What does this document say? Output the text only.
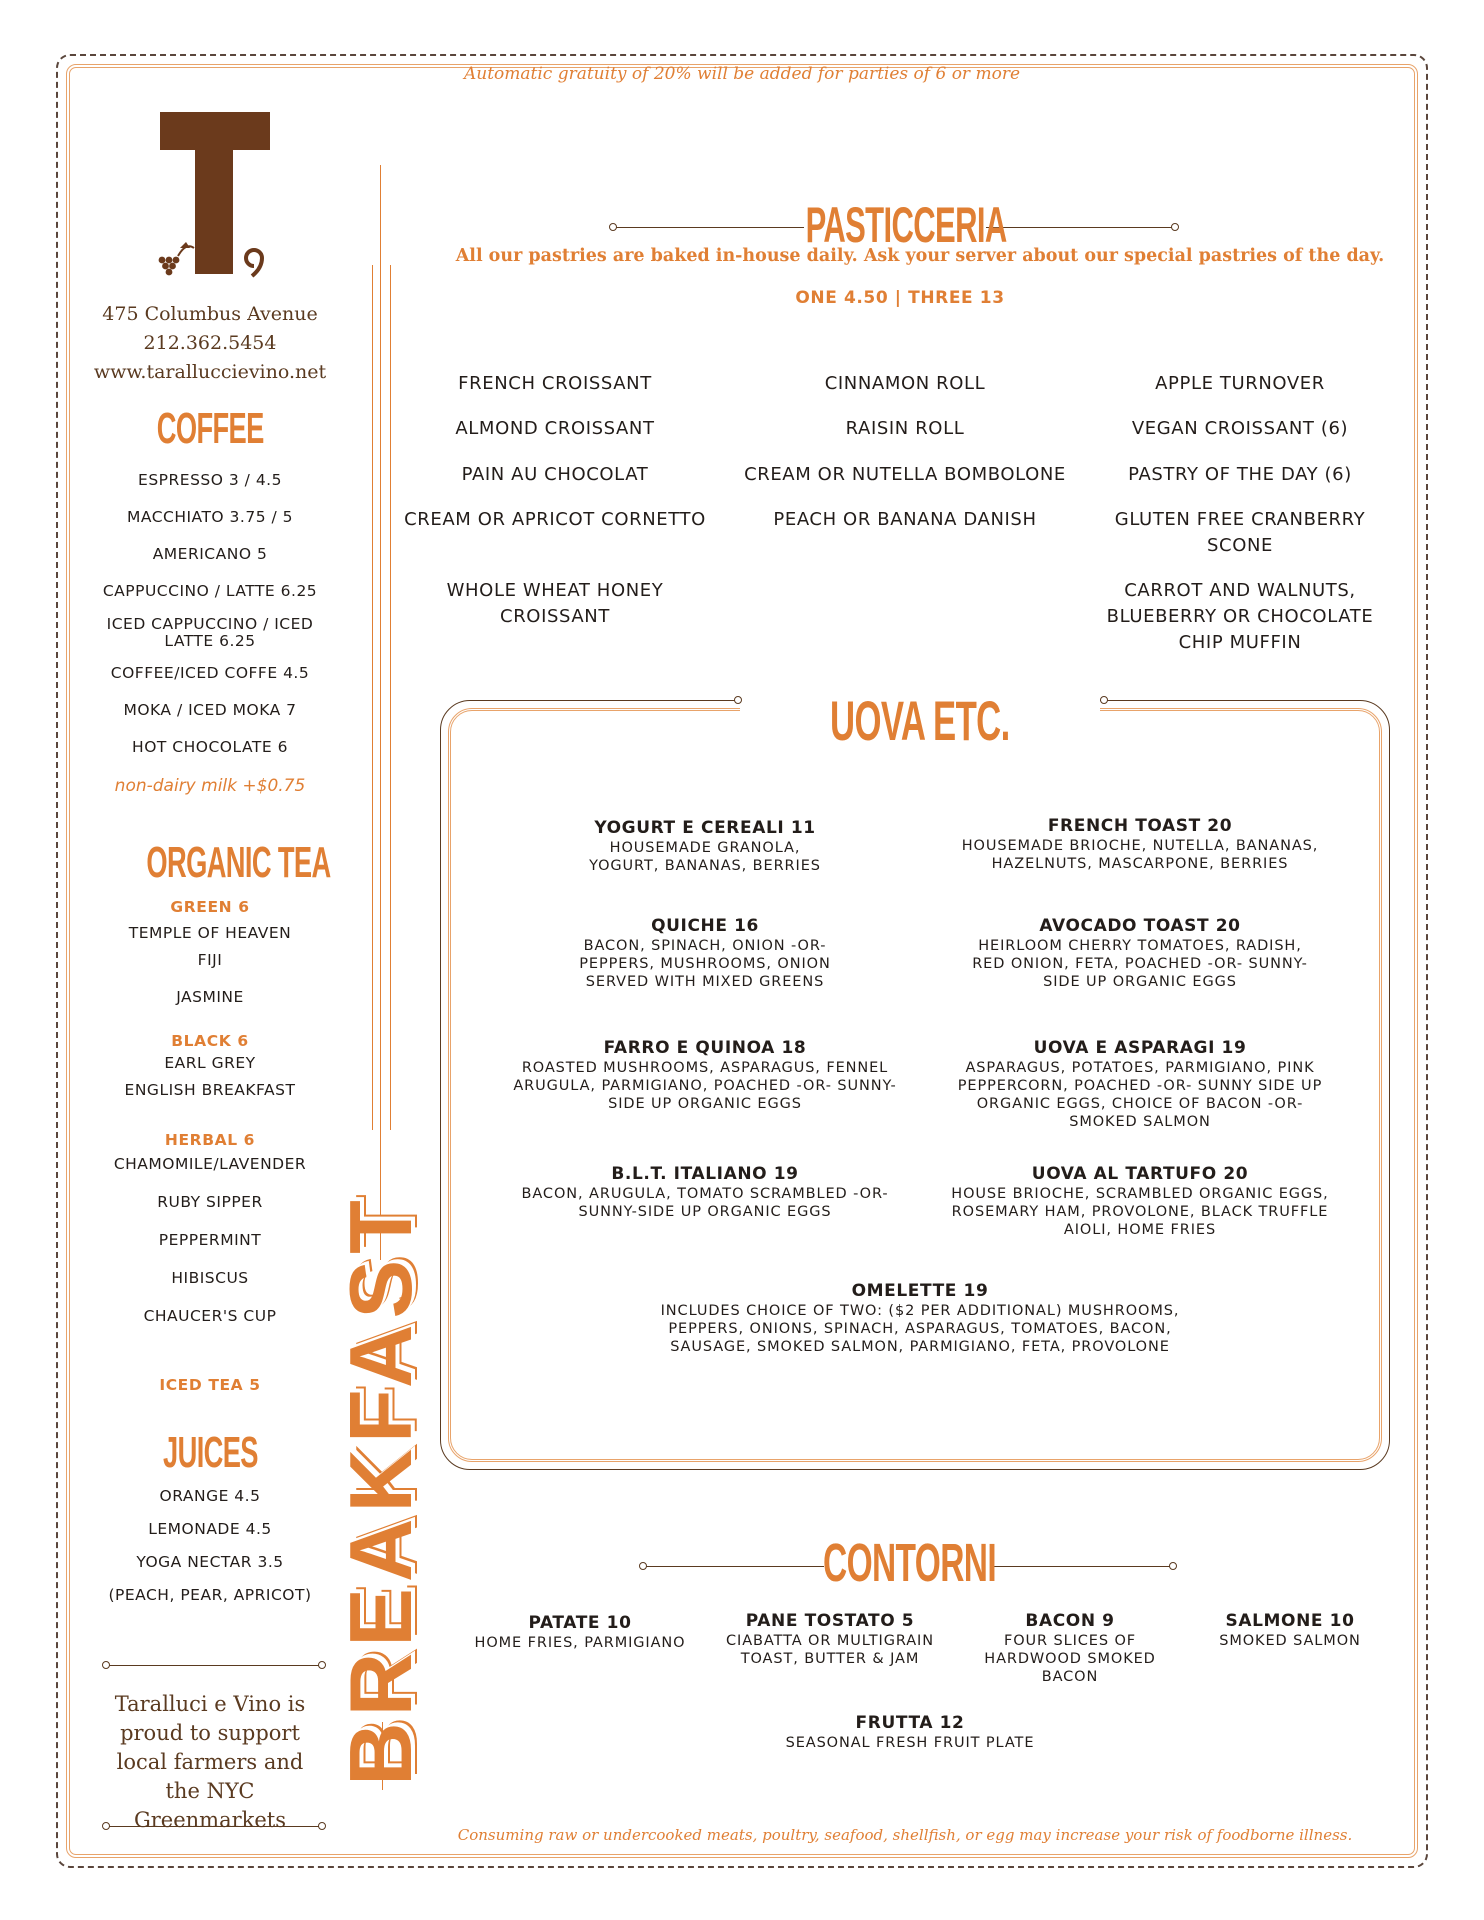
Automatic gratuity of 20% will be added for parties of 6 or more
475 Columbus Avenue
212.362.5454
www.taralluccievino.net
COFFEE
ESPRESSO 3 / 4.5
MACCHIATO 3.75 / 5
AMERICANO 5
CAPPUCCINO / LATTE 6.25
ICED CAPPUCCINO / ICED LATTE 6.25
COFFEE/ICED COFFE 4.5
MOKA / ICED MOKA 7
HOT CHOCOLATE 6
non-dairy milk +$0.75
ORGANIC TEA
GREEN 6
TEMPLE OF HEAVEN
FIJI
JASMINE
BLACK 6
EARL GREY
ENGLISH BREAKFAST
HERBAL 6
CHAMOMILE/LAVENDER
RUBY SIPPER
PEPPERMINT
HIBISCUS
CHAUCER'S CUP
ICED TEA 5
JUICES
ORANGE 4.5
LEMONADE 4.5
YOGA NECTAR 3.5
(PEACH, PEAR, APRICOT)
Taralluci e Vino is proud to support local farmers and the NYC Greenmarkets
BREAKFAST
PASTICCERIA
All our pastries are baked in-house daily. Ask your server about our special pastries of the day.
ONE 4.50 | THREE 13
FRENCH CROISSANT
ALMOND CROISSANT
PAIN AU CHOCOLAT
CREAM OR APRICOT CORNETTO
WHOLE WHEAT HONEY CROISSANT
CINNAMON ROLL
RAISIN ROLL
CREAM OR NUTELLA BOMBOLONE
PEACH OR BANANA DANISH
APPLE TURNOVER
VEGAN CROISSANT (6)
PASTRY OF THE DAY (6)
GLUTEN FREE CRANBERRY SCONE
CARROT AND WALNUTS, BLUEBERRY OR CHOCOLATE CHIP MUFFIN
UOVA ETC.
YOGURT E CEREALI 11
HOUSEMADE GRANOLA, YOGURT, BANANAS, BERRIES
FRENCH TOAST 20
HOUSEMADE BRIOCHE, NUTELLA, BANANAS, HAZELNUTS, MASCARPONE, BERRIES
QUICHE 16
BACON, SPINACH, ONION -OR- PEPPERS, MUSHROOMS, ONION SERVED WITH MIXED GREENS
AVOCADO TOAST 20
HEIRLOOM CHERRY TOMATOES, RADISH, RED ONION, FETA, POACHED -OR- SUNNY-SIDE UP ORGANIC EGGS
FARRO E QUINOA 18
ROASTED MUSHROOMS, ASPARAGUS, FENNEL ARUGULA, PARMIGIANO, POACHED -OR- SUNNY-SIDE UP ORGANIC EGGS
UOVA E ASPARAGI 19
ASPARAGUS, POTATOES, PARMIGIANO, PINK PEPPERCORN, POACHED -OR- SUNNY SIDE UP ORGANIC EGGS, CHOICE OF BACON -OR- SMOKED SALMON
B.L.T. ITALIANO 19
BACON, ARUGULA, TOMATO SCRAMBLED -OR- SUNNY-SIDE UP ORGANIC EGGS
UOVA AL TARTUFO 20
HOUSE BRIOCHE, SCRAMBLED ORGANIC EGGS, ROSEMARY HAM, PROVOLONE, BLACK TRUFFLE AIOLI, HOME FRIES
OMELETTE 19
INCLUDES CHOICE OF TWO: ($2 PER ADDITIONAL) MUSHROOMS, PEPPERS, ONIONS, SPINACH, ASPARAGUS, TOMATOES, BACON, SAUSAGE, SMOKED SALMON, PARMIGIANO, FETA, PROVOLONE
CONTORNI
PATATE 10
HOME FRIES, PARMIGIANO
PANE TOSTATO 5
CIABATTA OR MULTIGRAIN TOAST, BUTTER & JAM
BACON 9
FOUR SLICES OF HARDWOOD SMOKED BACON
SALMONE 10
SMOKED SALMON
FRUTTA 12
SEASONAL FRESH FRUIT PLATE
Consuming raw or undercooked meats, poultry, seafood, shellfish, or egg may increase your risk of foodborne illness.
